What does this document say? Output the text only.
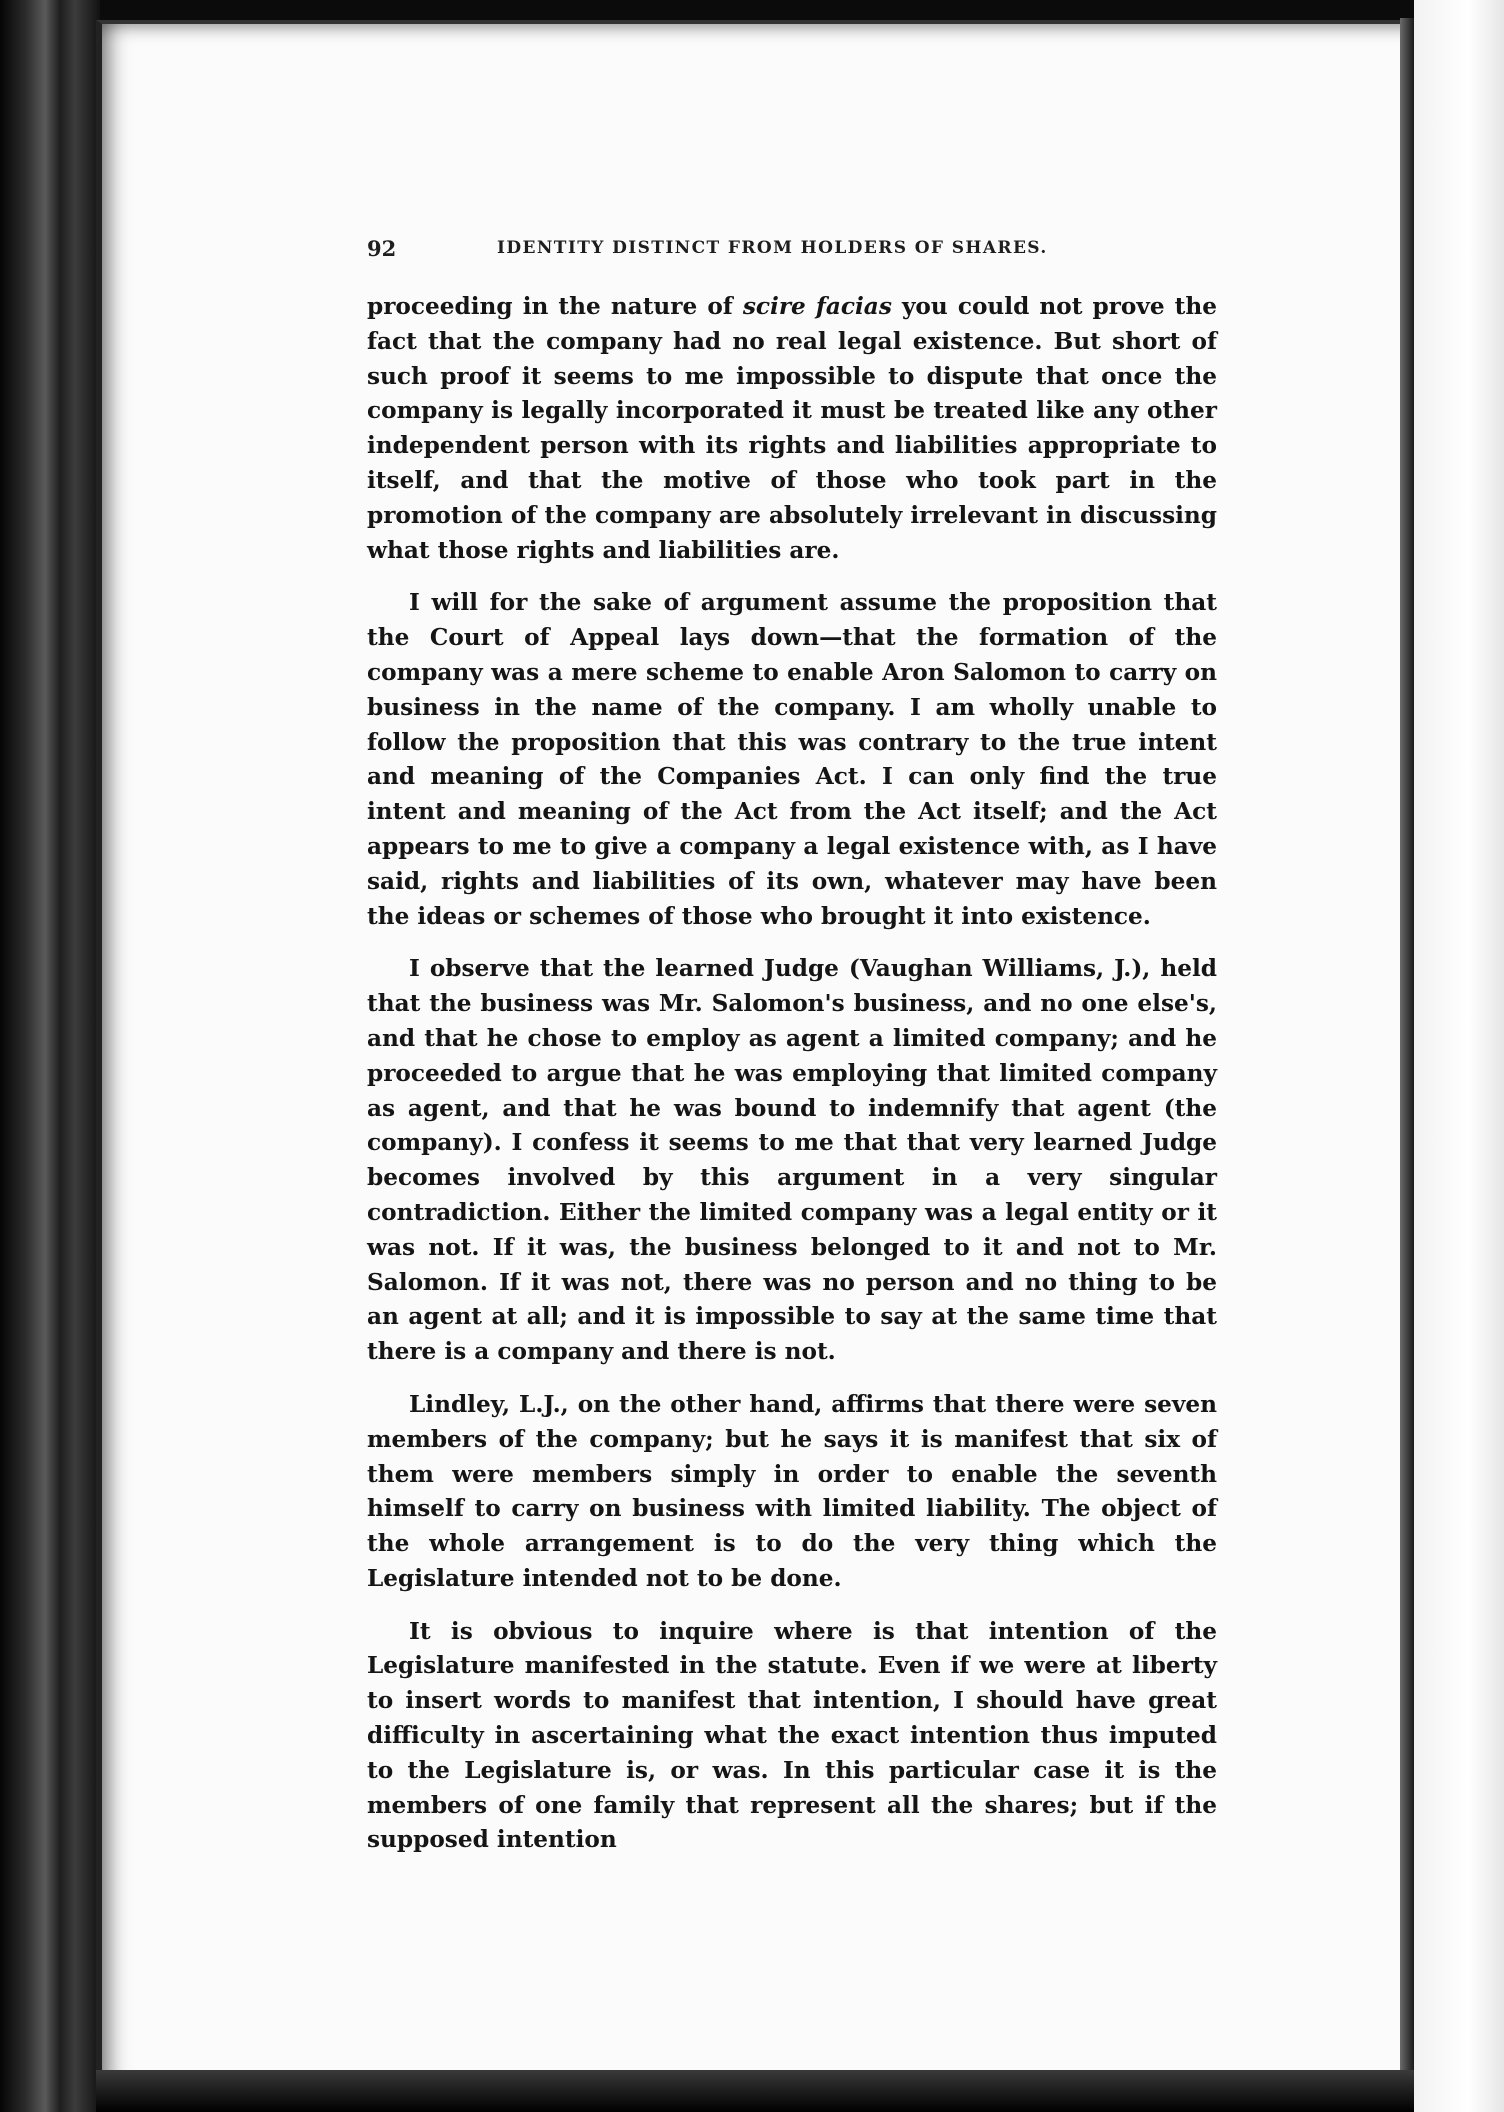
92	IDENTITY DISTINCT FROM HOLDERS OF SHARES.

proceeding in the nature of scire facias you could not prove the fact that the company had no real legal existence. But short of such proof it seems to me impossible to dispute that once the company is legally incorporated it must be treated like any other independent person with its rights and liabilities appropriate to itself, and that the motive of those who took part in the promotion of the company are absolutely irrelevant in discussing what those rights and liabilities are.

I will for the sake of argument assume the proposition that the Court of Appeal lays down—that the formation of the company was a mere scheme to enable Aron Salomon to carry on business in the name of the company. I am wholly unable to follow the proposition that this was contrary to the true intent and meaning of the Companies Act. I can only find the true intent and meaning of the Act from the Act itself; and the Act appears to me to give a company a legal existence with, as I have said, rights and liabilities of its own, whatever may have been the ideas or schemes of those who brought it into existence.

I observe that the learned Judge (Vaughan Williams, J.), held that the business was Mr. Salomon's business, and no one else's, and that he chose to employ as agent a limited company; and he proceeded to argue that he was employing that limited company as agent, and that he was bound to indemnify that agent (the company). I confess it seems to me that that very learned Judge becomes involved by this argument in a very singular contradiction. Either the limited company was a legal entity or it was not. If it was, the business belonged to it and not to Mr. Salomon. If it was not, there was no person and no thing to be an agent at all; and it is impossible to say at the same time that there is a company and there is not.

Lindley, L.J., on the other hand, affirms that there were seven members of the company; but he says it is manifest that six of them were members simply in order to enable the seventh himself to carry on business with limited liability. The object of the whole arrangement is to do the very thing which the Legislature intended not to be done.

It is obvious to inquire where is that intention of the Legislature manifested in the statute. Even if we were at liberty to insert words to manifest that intention, I should have great difficulty in ascertaining what the exact intention thus imputed to the Legislature is, or was. In this particular case it is the members of one family that represent all the shares; but if the supposed intention
